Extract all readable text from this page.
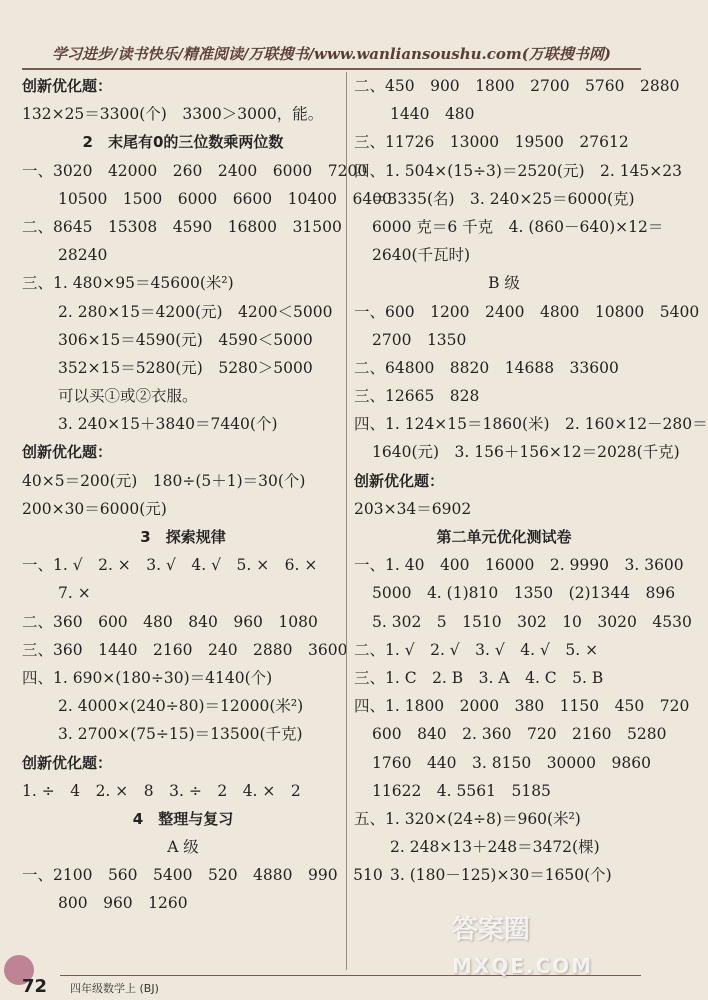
学习进步/读书快乐/精准阅读/万联搜书/www.wanliansoushu.com(万联搜书网)
创新优化题：
132×25＝3300(个)　3300＞3000，能。
2　末尾有0的三位数乘两位数
一、3020　42000　260　2400　6000　7200
10500　1500　6000　6600　10400　6400
二、8645　15308　4590　16800　31500
28240
三、1. 480×95＝45600(米²)
2. 280×15＝4200(元)　4200＜5000
306×15＝4590(元)　4590＜5000
352×15＝5280(元)　5280＞5000
可以买①或②衣服。
3. 240×15＋3840＝7440(个)
创新优化题：
40×5＝200(元)　180÷(5＋1)＝30(个)
200×30＝6000(元)
3　探索规律
一、1. √　2. ×　3. √　4. √　5. ×　6. ×
7. ×
二、360　600　480　840　960　1080
三、360　1440　2160　240　2880　3600
四、1. 690×(180÷30)＝4140(个)
2. 4000×(240÷80)＝12000(米²)
3. 2700×(75÷15)＝13500(千克)
创新优化题：
1. ÷　4　2. ×　8　3. ÷　2　4. ×　2
4　整理与复习
A 级
一、2100　560　5400　520　4880　990　510
800　960　1260
二、450　900　1800　2700　5760　2880
1440　480
三、11726　13000　19500　27612
四、1. 504×(15÷3)＝2520(元)　2. 145×23
＝3335(名)　3. 240×25＝6000(克)
6000 克＝6 千克　4. (860－640)×12＝
2640(千瓦时)
B 级
一、600　1200　2400　4800　10800　5400
2700　1350
二、64800　8820　14688　33600
三、12665　828
四、1. 124×15＝1860(米)　2. 160×12－280＝
1640(元)　3. 156＋156×12＝2028(千克)
创新优化题：
203×34＝6902
第二单元优化测试卷
一、1. 40　400　16000　2. 9990　3. 3600
5000　4. (1)810　1350　(2)1344　896
5. 302　5　1510　302　10　3020　4530
二、1. √　2. √　3. √　4. √　5. ×
三、1. C　2. B　3. A　4. C　5. B
四、1. 1800　2000　380　1150　450　720
600　840　2. 360　720　2160　5280
1760　440　3. 8150　30000　9860
11622　4. 5561　5185
五、1. 320×(24÷8)＝960(米²)
2. 248×13＋248＝3472(棵)
3. (180－125)×30＝1650(个)
72 四年级数学上 (BJ)
答案圈
MXQE.COM
